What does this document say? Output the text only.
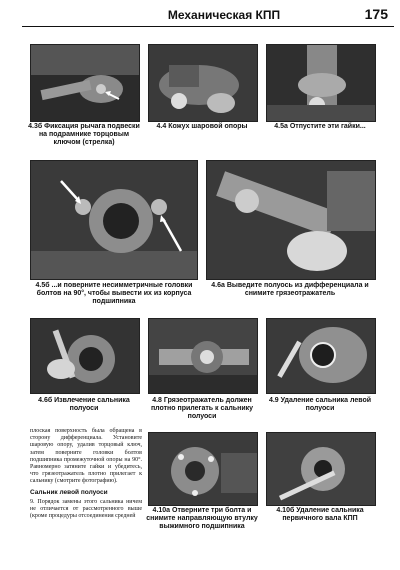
Механическая КПП	175
4.3б Фиксация рычага подвески на подрамнике торцовым ключом (стрелка)
4.4 Кожух шаровой опоры	4.5а Отпустите эти гайки...
4.5б ...и поверните несимметричные головки болтов на 90°, чтобы вывести их из корпуса подшипника
4.6а Выведите полуось из дифференциала и снимите грязеотражатель
4.6б Извлечение сальника полуоси
4.8 Грязеотражатель должен плотно прилегать к сальнику полуоси
4.9 Удаление сальника левой полуоси

плоская поверхность была обращена в сторону дифференциала. Установите шаровую опору, удалив торцовый ключ, затем поверните головки болтов подшипника промежуточной опоры на 90°. Равномерно затяните гайки и убедитесь, что грязеотражатель плотно прилегает к сальнику (смотрите фотографию).

Сальник левой полуоси

9. Порядок замены этого сальника ничем не отличается от рассмотренного выше (кроме процедуры отсоединения средней

4.10а Отверните три болта и снимите направляющую втулку выжимного подшипника
4.10б Удаление сальника первичного вала КПП
